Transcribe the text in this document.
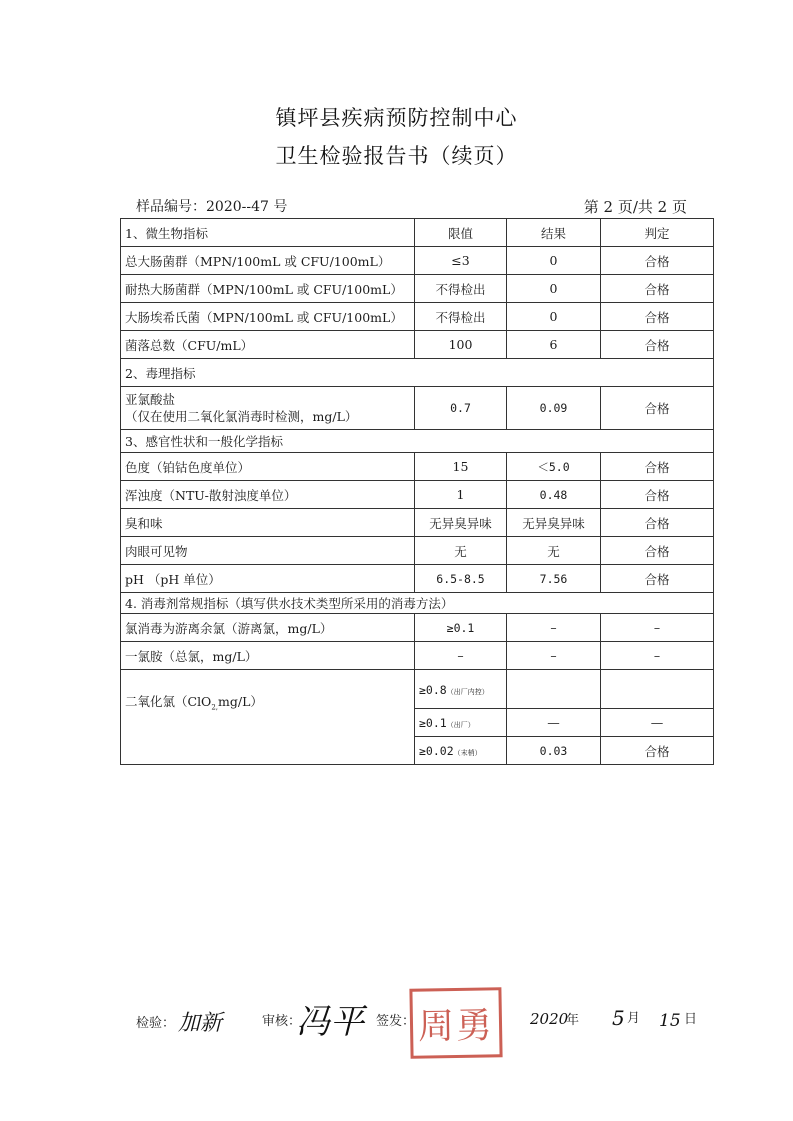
镇坪县疾病预防控制中心
卫生检验报告书（续页）
样品编号：2020--47 号	第 2 页/共 2 页
1、微生物指标	限值	结果	判定
总大肠菌群（MPN/100mL 或 CFU/100mL）	≤3	0	合格
耐热大肠菌群（MPN/100mL 或 CFU/100mL）	不得检出	0	合格
大肠埃希氏菌（MPN/100mL 或 CFU/100mL）	不得检出	0	合格
菌落总数（CFU/mL）	100	6	合格
2、毒理指标			

亚氯酸盐
（仅在使用二氧化氯消毒时检测，mg/L）	0.7	0.09	合格
3、感官性状和一般化学指标			
色度（铂钴色度单位）	15	＜5.0	合格
浑浊度（NTU-散射浊度单位）	1	0.48	合格
臭和味	无异臭异味	无异臭异味	合格
肉眼可见物	无	无	合格
pH （pH 单位）	6.5-8.5	7.56	合格
4. 消毒剂常规指标（填写供水技术类型所采用的消毒方法）			
氯消毒为游离余氯（游离氯，mg/L）	≥0.1	–	–
一氯胺（总氯，mg/L）	–	–	–
二氧化氯（ClO$_{2,}$mg/L）	≥0.8（出厂内控）		
	≥0.1（出厂）	—	—
	≥0.02（末梢）	0.03	合格
检验： 加新	审核：
冯平 签发： 周勇	2020
年 5 月 15 日
